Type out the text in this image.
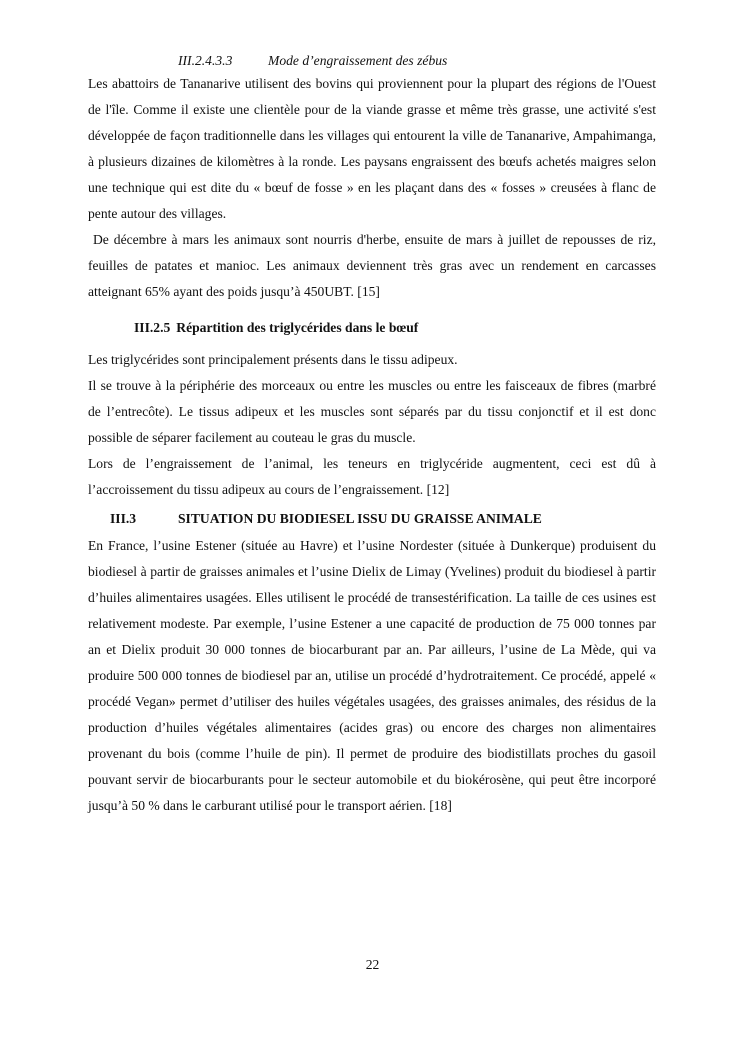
III.2.4.3.3	Mode d’engraissement des zébus

Les abattoirs de Tananarive utilisent des bovins qui proviennent pour la plupart des régions de l'Ouest de l'île. Comme il existe une clientèle pour de la viande grasse et même très grasse, une activité s'est développée de façon traditionnelle dans les villages qui entourent la ville de Tananarive, Ampahimanga, à plusieurs dizaines de kilomètres à la ronde. Les paysans engraissent des bœufs achetés maigres selon une technique qui est dite du « bœuf de fosse » en les plaçant dans des « fosses » creusées à flanc de pente autour des villages.

De décembre à mars les animaux sont nourris d'herbe, ensuite de mars à juillet de repousses de riz, feuilles de patates et manioc. Les animaux deviennent très gras avec un rendement en carcasses atteignant 65% ayant des poids jusqu’à 450UBT. [15]

III.2.5 Répartition des triglycérides dans le bœuf

Les triglycérides sont principalement présents dans le tissu adipeux.

Il se trouve à la périphérie des morceaux ou entre les muscles ou entre les faisceaux de fibres (marbré de l’entrecôte). Le tissus adipeux et les muscles sont séparés par du tissu conjonctif et il est donc possible de séparer facilement au couteau le gras du muscle.

Lors de l’engraissement de l’animal, les teneurs en triglycéride augmentent, ceci est dû à l’accroissement du tissu adipeux au cours de l’engraissement. [12]

III.3	SITUATION DU BIODIESEL ISSU DU GRAISSE ANIMALE

En France, l’usine Estener (située au Havre) et l’usine Nordester (située à Dunkerque) produisent du biodiesel à partir de graisses animales et l’usine Dielix de Limay (Yvelines) produit du biodiesel à partir d’huiles alimentaires usagées. Elles utilisent le procédé de transestérification. La taille de ces usines est relativement modeste. Par exemple, l’usine Estener a une capacité de production de 75 000 tonnes par an et Dielix produit 30 000 tonnes de biocarburant par an. Par ailleurs, l’usine de La Mède, qui va produire 500 000 tonnes de biodiesel par an, utilise un procédé d’hydrotraitement. Ce procédé, appelé « procédé Vegan» permet d’utiliser des huiles végétales usagées, des graisses animales, des résidus de la production d’huiles végétales alimentaires (acides gras) ou encore des charges non alimentaires provenant du bois (comme l’huile de pin). Il permet de produire des biodistillats proches du gasoil pouvant servir de biocarburants pour le secteur automobile et du biokérosène, qui peut être incorporé jusqu’à 50 % dans le carburant utilisé pour le transport aérien. [18]

22
